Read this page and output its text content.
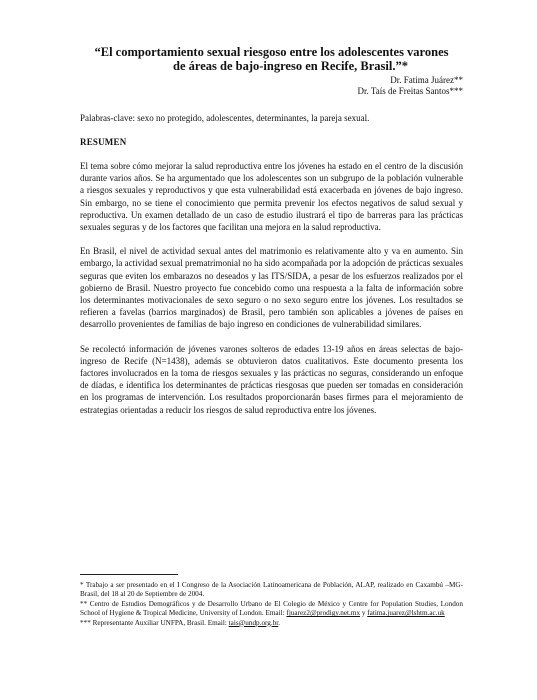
“El comportamiento sexual riesgoso entre los adolescentes varones

de áreas de bajo-ingreso en Recife, Brasil.”*
Dr. Fatima Juárez**
Dr. Taís de Freitas Santos***
Palabras-clave: sexo no protegido, adolescentes, determinantes, la pareja sexual.
RESUMEN
El tema sobre cómo mejorar la salud reproductiva entre los jóvenes ha estado en el centro de la discusión durante varios años. Se ha argumentado que los adolescentes son un subgrupo de la población vulnerable a riesgos sexuales y reproductivos y que esta vulnerabilidad está exacerbada en jóvenes de bajo ingreso. Sin embargo, no se tiene el conocimiento que permita prevenir los efectos negativos de salud sexual y reproductiva. Un examen detallado de un caso de estudio ilustrará el tipo de barreras para las prácticas sexuales seguras y de los factores que facilitan una mejora en la salud reproductiva.
En Brasil, el nivel de actividad sexual antes del matrimonio es relativamente alto y va en aumento. Sin embargo, la actividad sexual prematrimonial no ha sido acompañada por la adopción de prácticas sexuales seguras que eviten los embarazos no deseados y las ITS/SIDA, a pesar de los esfuerzos realizados por el gobierno de Brasil. Nuestro proyecto fue concebido como una respuesta a la falta de información sobre los determinantes motivacionales de sexo seguro o no sexo seguro entre los jóvenes. Los resultados se refieren a favelas (barrios marginados) de Brasil, pero también son aplicables a jóvenes de países en desarrollo provenientes de familias de bajo ingreso en condiciones de vulnerabilidad similares.
Se recolectó información de jóvenes varones solteros de edades 13-19 años en áreas selectas de bajo-ingreso de Recife (N=1438), además se obtuvieron datos cualitativos. Este documento presenta los factores involucrados en la toma de riesgos sexuales y las prácticas no seguras, considerando un enfoque de díadas, e identifica los determinantes de prácticas riesgosas que pueden ser tomadas en consideración en los programas de intervención. Los resultados proporcionarán bases firmes para el mejoramiento de estrategias orientadas a reducir los riesgos de salud reproductiva entre los jóvenes.
* Trabajo a ser presentado en el I Congreso de la Asociación Latinoamericana de Población, ALAP, realizado en Caxambú –MG- Brasil, del 18 al 20 de Septiembre de 2004.
** Centro de Estudios Demográficos y de Desarrollo Urbano de El Colegio de México y Centre for Population Studies, London School of Hygiene & Tropical Medicine, University of London. Email: fjuarez2@prodigy.net.mx y fatima.juarez@lshtm.ac.uk
*** Representante Auxiliar UNFPA, Brasil. Email: tais@undp.org.br.
